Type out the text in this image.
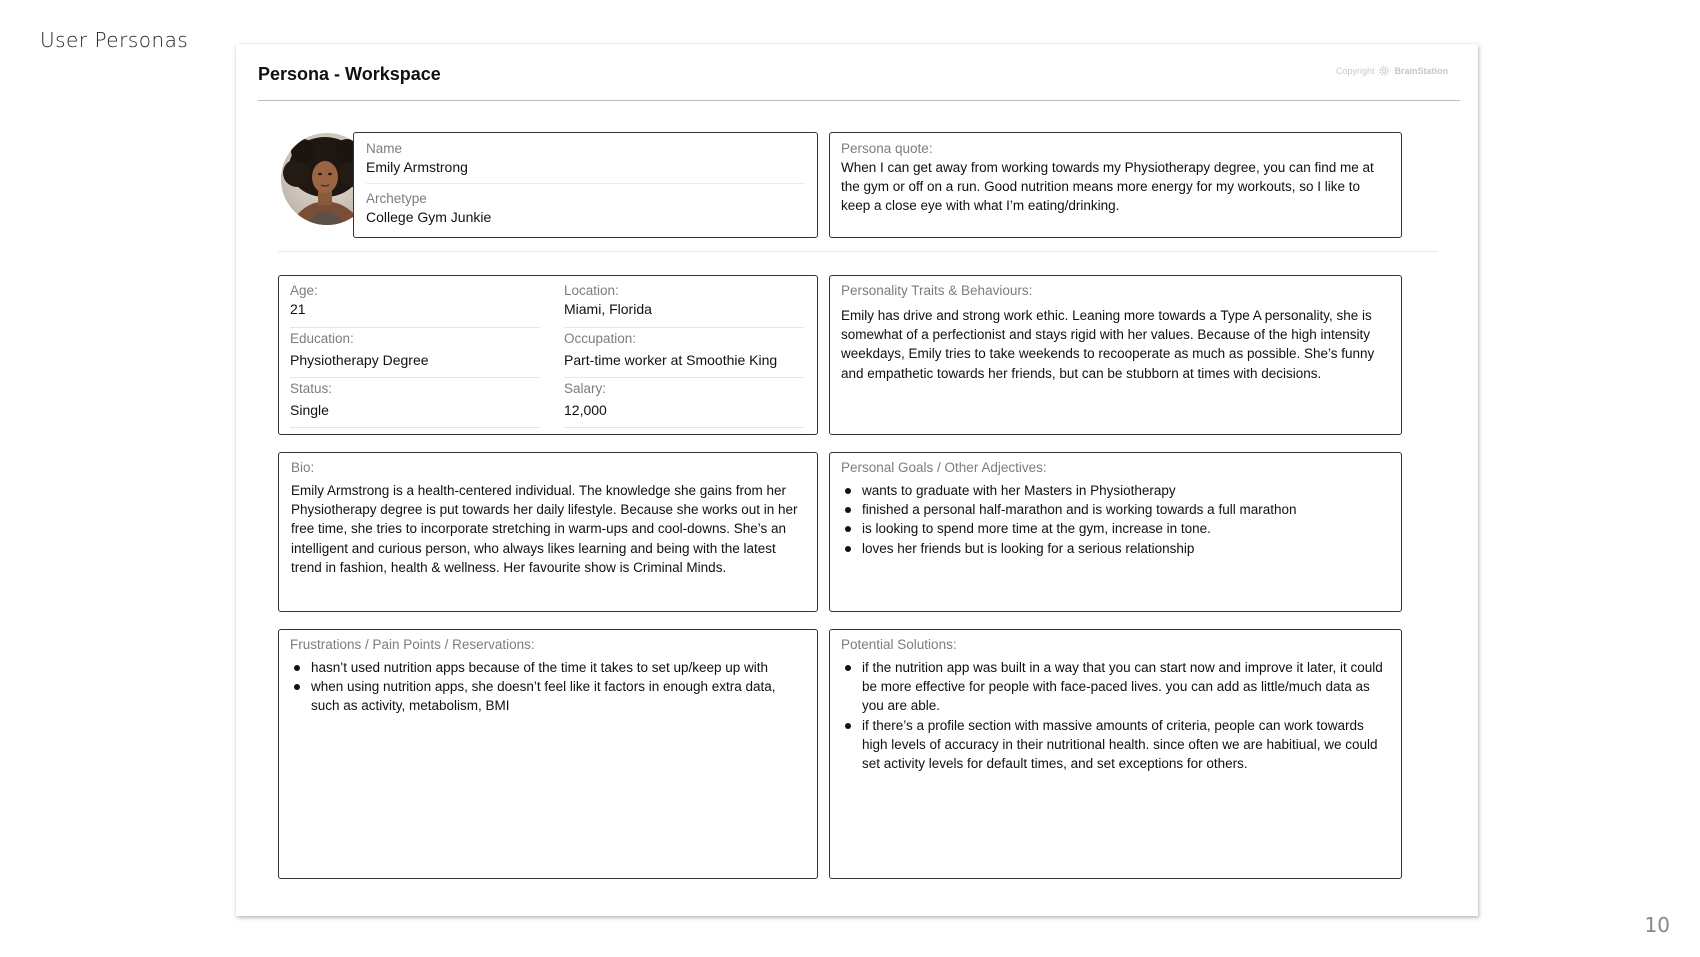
User Personas
Persona - Workspace	Copyright BrainStation
Name
Emily Armstrong
Archetype
College Gym Junkie
Persona quote:
When I can get away from working towards my Physiotherapy degree, you can find me at the gym or off on a run. Good nutrition means more energy for my workouts, so I like to keep a close eye with what I’m eating/drinking.
Age:
21
Location:
Miami, Florida
Education:
Physiotherapy Degree
Occupation:
Part-time worker at Smoothie King
Status:
Single
Salary:
12,000
Personality Traits & Behaviours:
Emily has drive and strong work ethic. Leaning more towards a Type A personality, she is somewhat of a perfectionist and stays rigid with her values. Because of the high intensity weekdays, Emily tries to take weekends to recooperate as much as possible. She’s funny and empathetic towards her friends, but can be stubborn at times with decisions.
Bio:
Emily Armstrong is a health-centered individual. The knowledge she gains from her Physiotherapy degree is put towards her daily lifestyle. Because she works out in her free time, she tries to incorporate stretching in warm-ups and cool-downs. She’s an intelligent and curious person, who always likes learning and being with the latest trend in fashion, health & wellness. Her favourite show is Criminal Minds.
Personal Goals / Other Adjectives:
wants to graduate with her Masters in Physiotherapy
finished a personal half-marathon and is working towards a full marathon
is looking to spend more time at the gym, increase in tone.
loves her friends but is looking for a serious relationship
Frustrations / Pain Points / Reservations:
hasn’t used nutrition apps because of the time it takes to set up/keep up with
when using nutrition apps, she doesn’t feel like it factors in enough extra data, such as activity, metabolism, BMI
Potential Solutions:
if the nutrition app was built in a way that you can start now and improve it later, it could be more effective for people with face-paced lives. you can add as little/much data as you are able.
if there’s a profile section with massive amounts of criteria, people can work towards high levels of accuracy in their nutritional health. since often we are habitiual, we could set activity levels for default times, and set exceptions for others.
10
